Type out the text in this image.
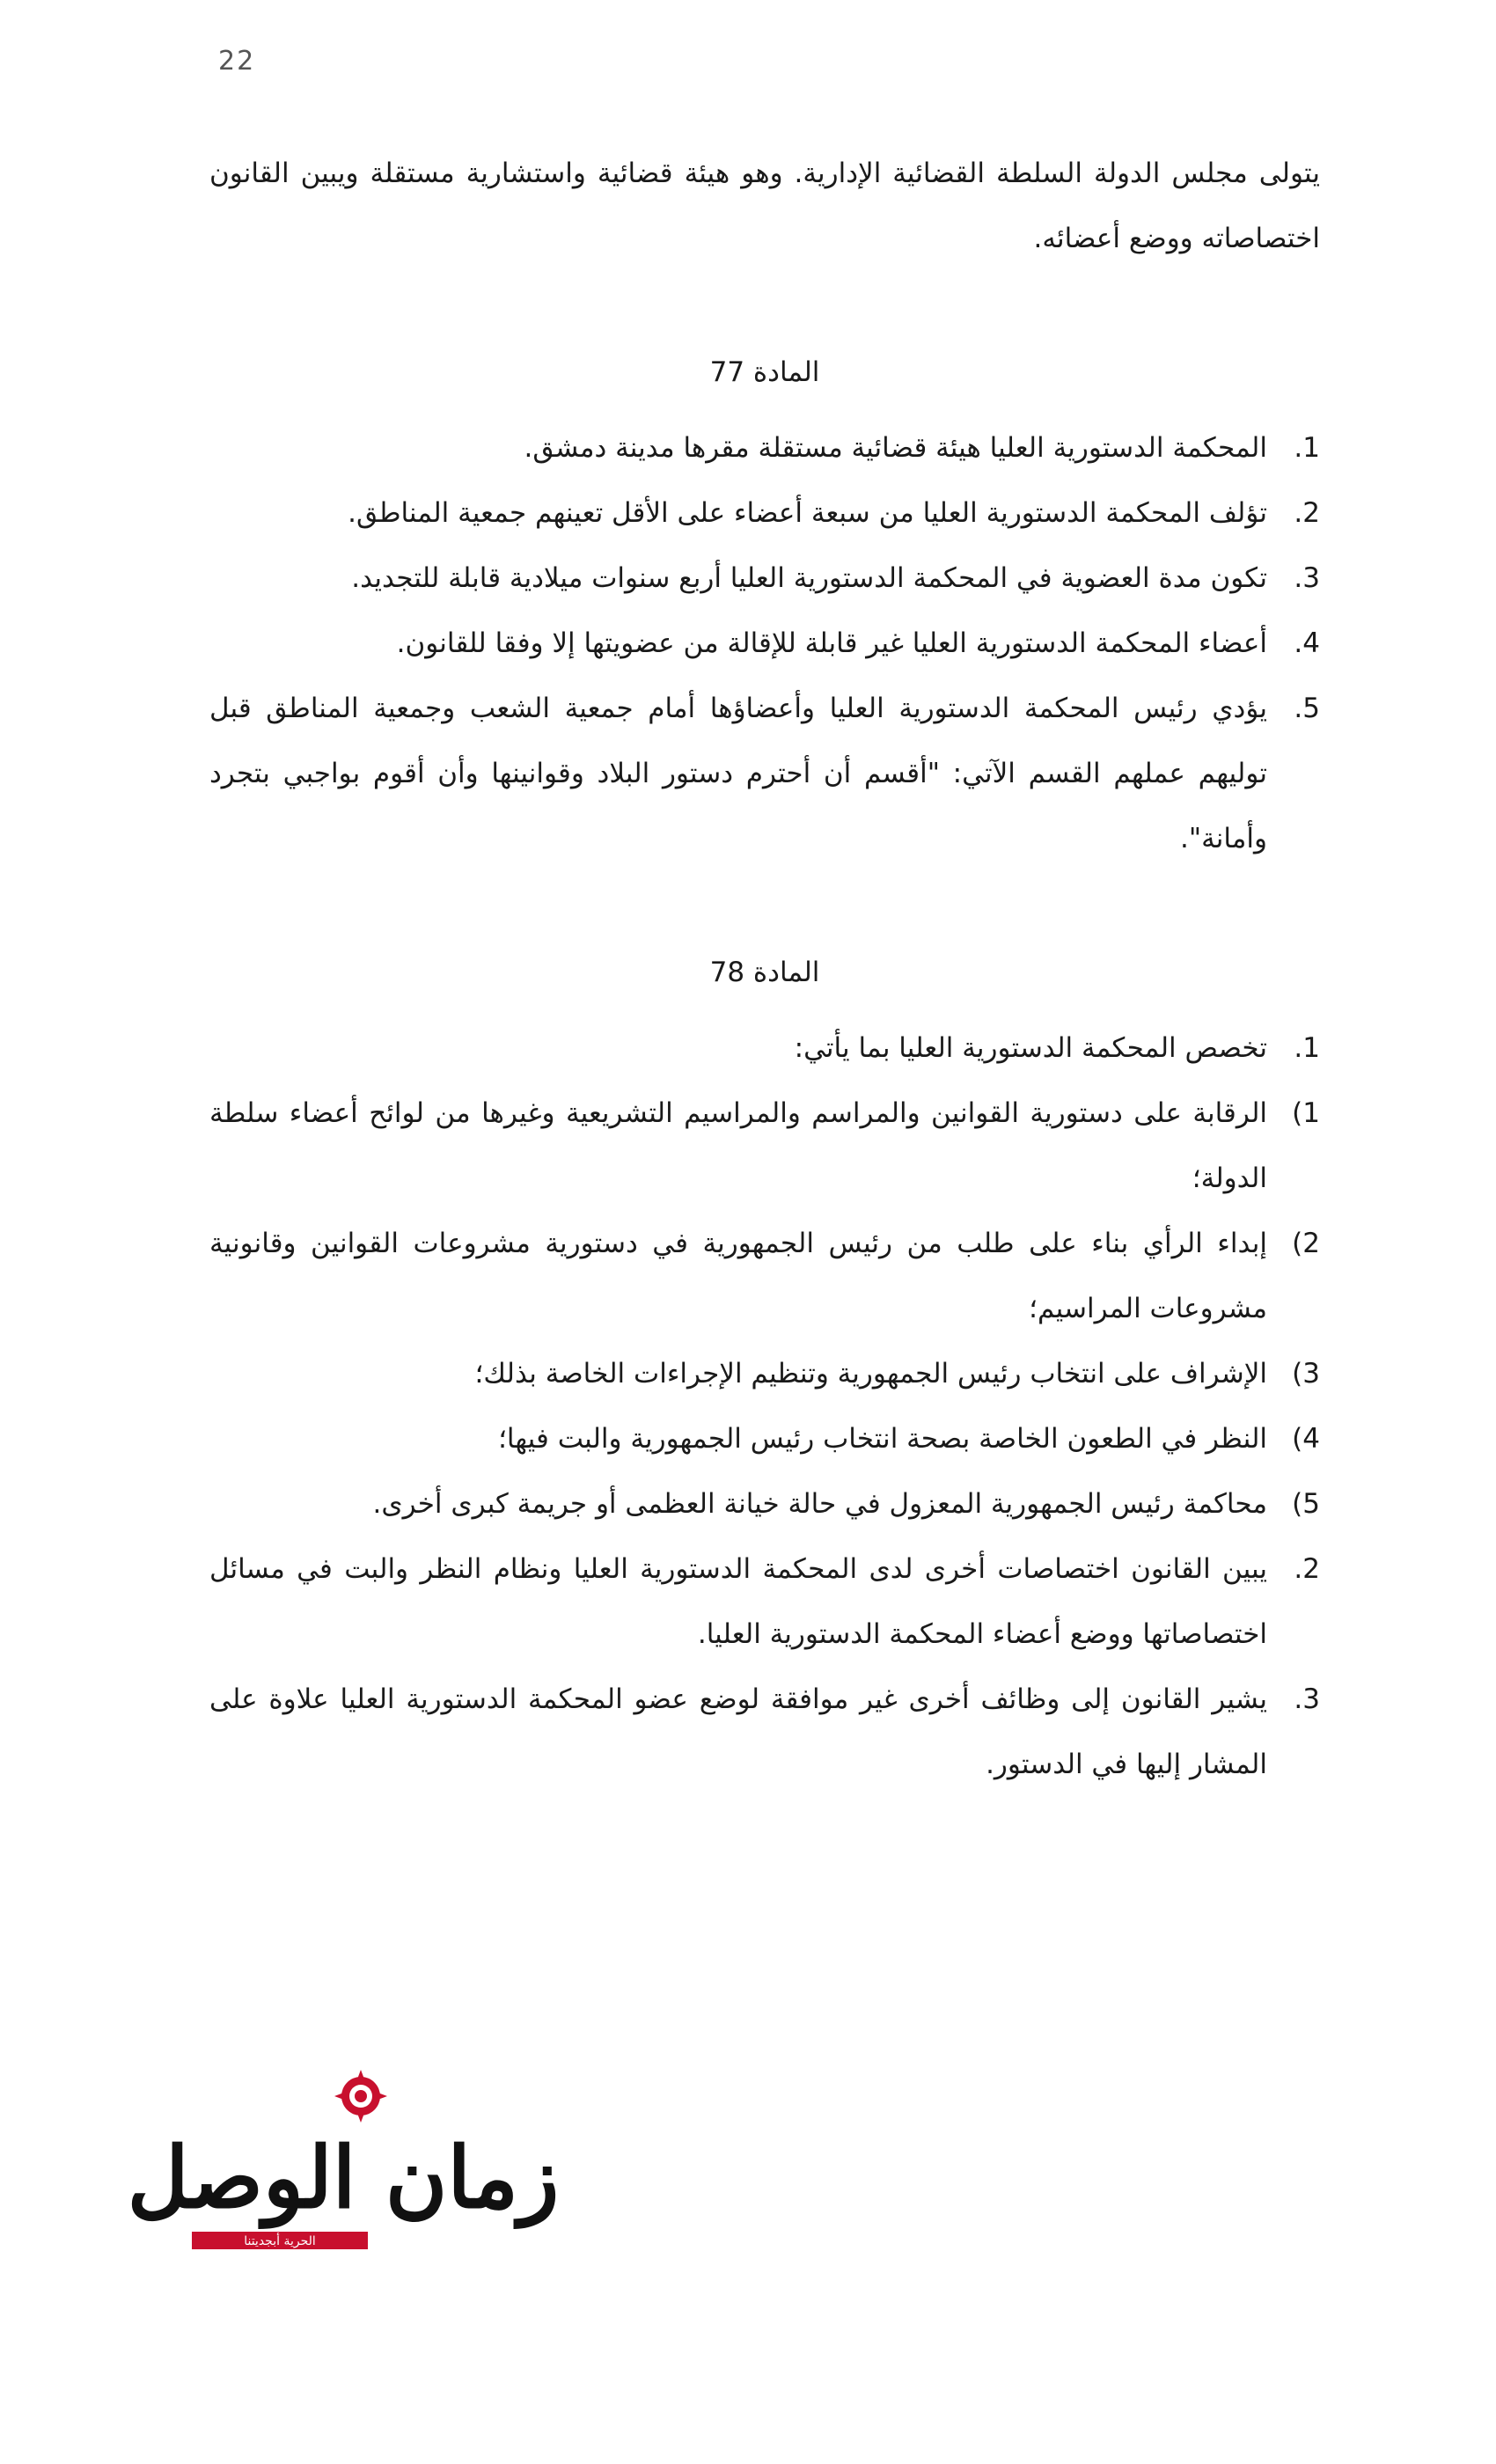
22

يتولى مجلس الدولة السلطة القضائية الإدارية. وهو هيئة قضائية واستشارية مستقلة ويبين القانون اختصاصاته ووضع أعضائه.

المادة 77
1.
المحكمة الدستورية العليا هيئة قضائية مستقلة مقرها مدينة دمشق.
2.
تؤلف المحكمة الدستورية العليا من سبعة أعضاء على الأقل تعينهم جمعية المناطق.
3.
تكون مدة العضوية في المحكمة الدستورية العليا أربع سنوات ميلادية قابلة للتجديد.
4.
أعضاء المحكمة الدستورية العليا غير قابلة للإقالة من عضويتها إلا وفقا للقانون.
5.
يؤدي رئيس المحكمة الدستورية العليا وأعضاؤها أمام جمعية الشعب وجمعية المناطق قبل توليهم عملهم القسم الآتي: "أقسم أن أحترم دستور البلاد وقوانينها وأن أقوم بواجبي بتجرد وأمانة".
المادة 78
1.
تخصص المحكمة الدستورية العليا بما يأتي:
1)
الرقابة على دستورية القوانين والمراسم والمراسيم التشريعية وغيرها من لوائح أعضاء سلطة الدولة؛
2)
إبداء الرأي بناء على طلب من رئيس الجمهورية في دستورية مشروعات القوانين وقانونية مشروعات المراسيم؛
3)
الإشراف على انتخاب رئيس الجمهورية وتنظيم الإجراءات الخاصة بذلك؛
4)
النظر في الطعون الخاصة بصحة انتخاب رئيس الجمهورية والبت فيها؛
5)
محاكمة رئيس الجمهورية المعزول في حالة خيانة العظمى أو جريمة كبرى أخرى.
2.
يبين القانون اختصاصات أخرى لدى المحكمة الدستورية العليا ونظام النظر والبت في مسائل اختصاصاتها ووضع أعضاء المحكمة الدستورية العليا.
3.
يشير القانون إلى وظائف أخرى غير موافقة لوضع عضو المحكمة الدستورية العليا علاوة على المشار إليها في الدستور.
زمان الوصل
الحرية أبجديتنا
